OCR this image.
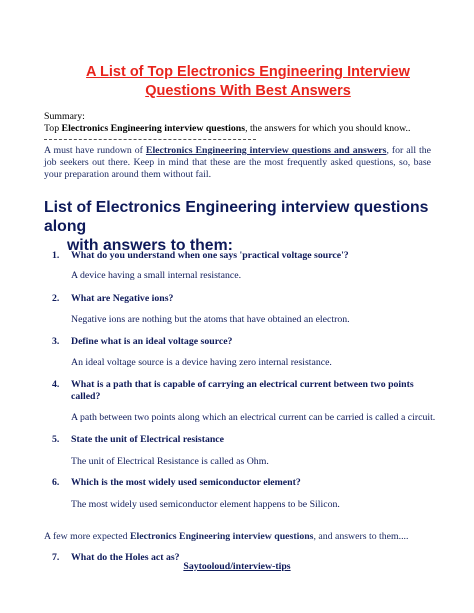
A List of Top Electronics Engineering Interview Questions With Best Answers
Summary:
Top Electronics Engineering interview questions, the answers for which you should know..
A must have rundown of Electronics Engineering interview questions and answers, for all the job seekers out there. Keep in mind that these are the most frequently asked questions, so, base your preparation around them without fail.
List of Electronics Engineering interview questions along
with answers to them:
1. What do you understand when one says 'practical voltage source'?
A device having a small internal resistance.
2. What are Negative ions?
Negative ions are nothing but the atoms that have obtained an electron.
3. Define what is an ideal voltage source?
An ideal voltage source is a device having zero internal resistance.
4. What is a path that is capable of carrying an electrical current between two points called?
A path between two points along which an electrical current can be carried is called a circuit.
5. State the unit of Electrical resistance
The unit of Electrical Resistance is called as Ohm.
6. Which is the most widely used semiconductor element?
The most widely used semiconductor element happens to be Silicon.
A few more expected Electronics Engineering interview questions, and answers to them....
7. What do the Holes act as?
Saytooloud/interview-tips
